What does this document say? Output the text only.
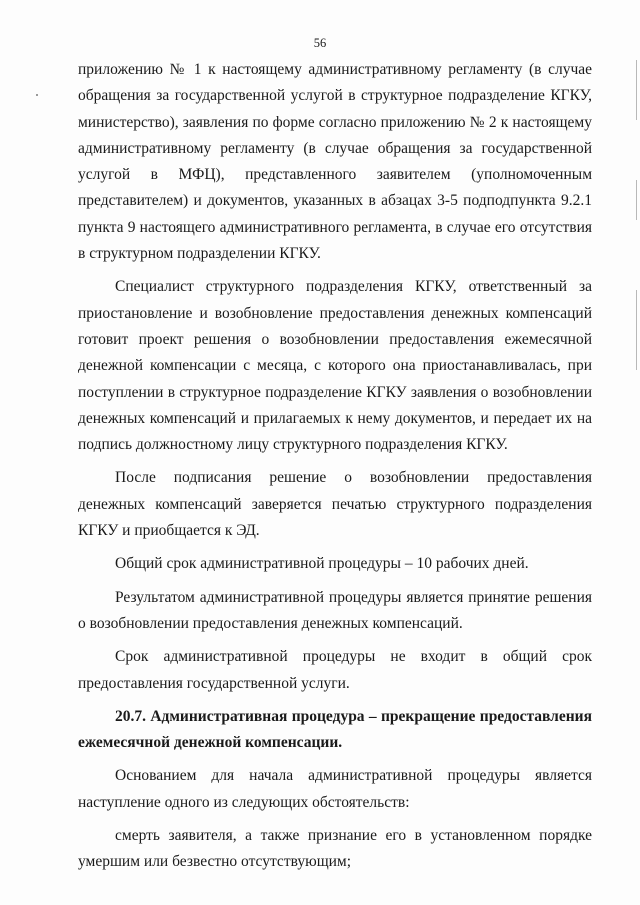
56

приложению № 1 к настоящему административному регламенту (в случае обращения за государственной услугой в структурное подразделение КГКУ, министерство), заявления по форме согласно приложению № 2 к настоящему административному регламенту (в случае обращения за государственной услугой в МФЦ), представленного заявителем (уполномоченным представителем) и документов, указанных в абзацах 3-5 подподпункта 9.2.1 пункта 9 настоящего административного регламента, в случае его отсутствия в структурном подразделении КГКУ.

Специалист структурного подразделения КГКУ, ответственный за приостановление и возобновление предоставления денежных компенсаций готовит проект решения о возобновлении предоставления ежемесячной денежной компенсации с месяца, с которого она приостанавливалась, при поступлении в структурное подразделение КГКУ заявления о возобновлении денежных компенсаций и прилагаемых к нему документов, и передает их на подпись должностному лицу структурного подразделения КГКУ.

После подписания решение о возобновлении предоставления денежных компенсаций заверяется печатью структурного подразделения КГКУ и приобщается к ЭД.

Общий срок административной процедуры – 10 рабочих дней.

Результатом административной процедуры является принятие решения о возобновлении предоставления денежных компенсаций.

Срок административной процедуры не входит в общий срок предоставления государственной услуги.

20.7. Административная процедура – прекращение предоставления ежемесячной денежной компенсации.

Основанием для начала административной процедуры является наступление одного из следующих обстоятельств:

смерть заявителя, а также признание его в установленном порядке умершим или безвестно отсутствующим;
